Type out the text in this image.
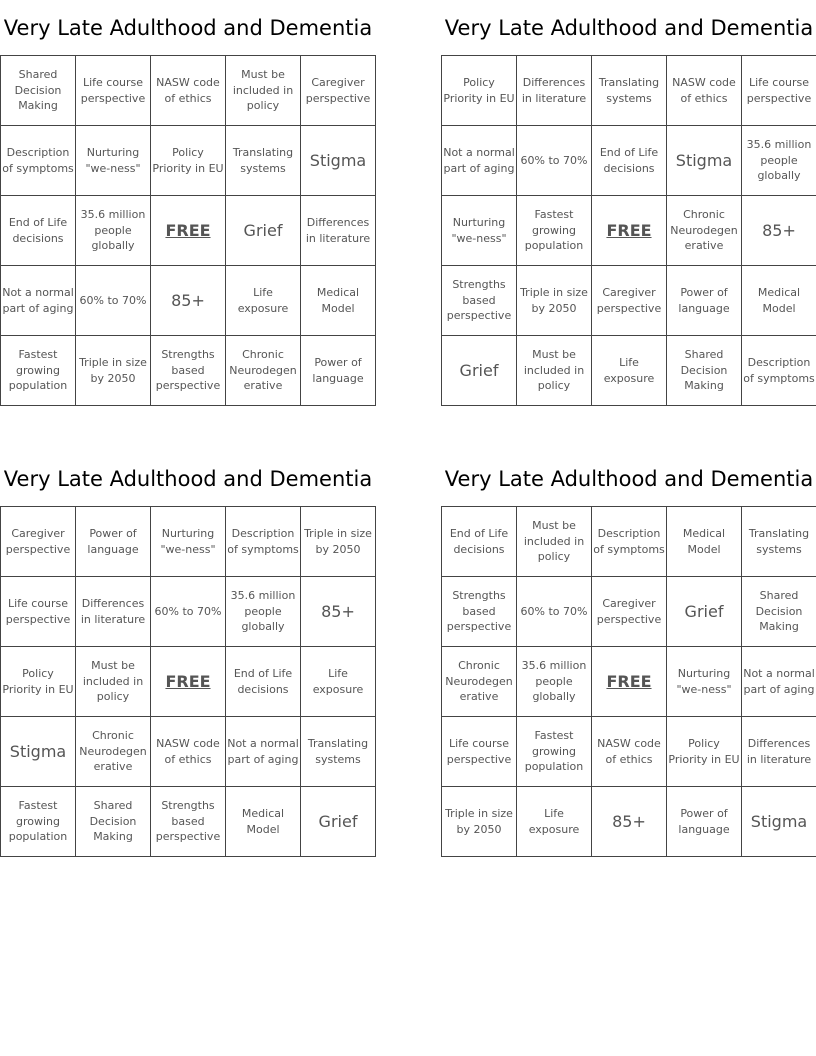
Very Late Adulthood and Dementia
Shared Decision Making	Life course perspective	NASW code of ethics	Must be included in policy	Caregiver perspective
Description of symptoms	Nurturing "we-ness"	Policy Priority in EU	Translating systems	Stigma
End of Life decisions	35.6 million people globally	FREE	Grief	Differences in literature
Not a normal part of aging	60% to 70%	85+	Life exposure	Medical Model
Fastest growing population	Triple in size by 2050	Strengths based perspective	Chronic Neurodegenerative	Power of language
Very Late Adulthood and Dementia
Policy Priority in EU	Differences in literature	Translating systems	NASW code of ethics	Life course perspective
Not a normal part of aging	60% to 70%	End of Life decisions	Stigma	35.6 million people globally
Nurturing "we-ness"	Fastest growing population	FREE	Chronic Neurodegenerative	85+
Strengths based perspective	Triple in size by 2050	Caregiver perspective	Power of language	Medical Model
Grief	Must be included in policy	Life exposure	Shared Decision Making	Description of symptoms
Very Late Adulthood and Dementia
Caregiver perspective	Power of language	Nurturing "we-ness"	Description of symptoms	Triple in size by 2050
Life course perspective	Differences in literature	60% to 70%	35.6 million people globally	85+
Policy Priority in EU	Must be included in policy	FREE	End of Life decisions	Life exposure
Stigma	Chronic Neurodegenerative	NASW code of ethics	Not a normal part of aging	Translating systems
Fastest growing population	Shared Decision Making	Strengths based perspective	Medical Model	Grief
Very Late Adulthood and Dementia
End of Life decisions	Must be included in policy	Description of symptoms	Medical Model	Translating systems
Strengths based perspective	60% to 70%	Caregiver perspective	Grief	Shared Decision Making
Chronic Neurodegenerative	35.6 million people globally	FREE	Nurturing "we-ness"	Not a normal part of aging
Life course perspective	Fastest growing population	NASW code of ethics	Policy Priority in EU	Differences in literature
Triple in size by 2050	Life exposure	85+	Power of language	Stigma
